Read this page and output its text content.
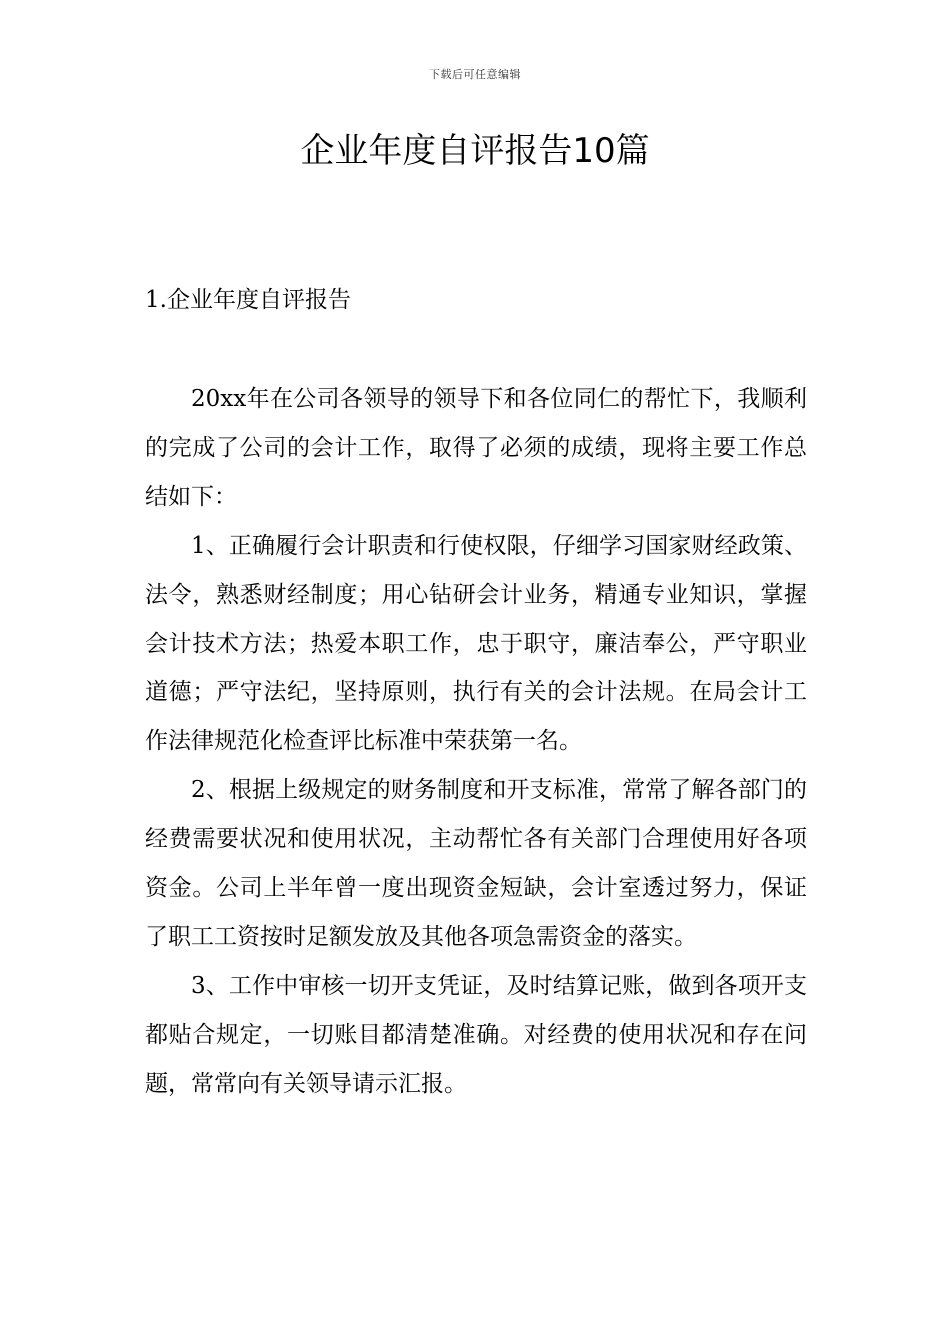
下载后可任意编辑
企业年度自评报告10篇
1.企业年度自评报告

20xx年在公司各领导的领导下和各位同仁的帮忙下，我顺利的完成了公司的会计工作，取得了必须的成绩，现将主要工作总结如下：

1、正确履行会计职责和行使权限，仔细学习国家财经政策、法令，熟悉财经制度；用心钻研会计业务，精通专业知识，掌握会计技术方法；热爱本职工作，忠于职守，廉洁奉公，严守职业道德；严守法纪，坚持原则，执行有关的会计法规。在局会计工作法律规范化检查评比标准中荣获第一名。

2、根据上级规定的财务制度和开支标准，常常了解各部门的经费需要状况和使用状况，主动帮忙各有关部门合理使用好各项资金。公司上半年曾一度出现资金短缺，会计室透过努力，保证了职工工资按时足额发放及其他各项急需资金的落实。

3、工作中审核一切开支凭证，及时结算记账，做到各项开支都贴合规定，一切账目都清楚准确。对经费的使用状况和存在问题，常常向有关领导请示汇报。
